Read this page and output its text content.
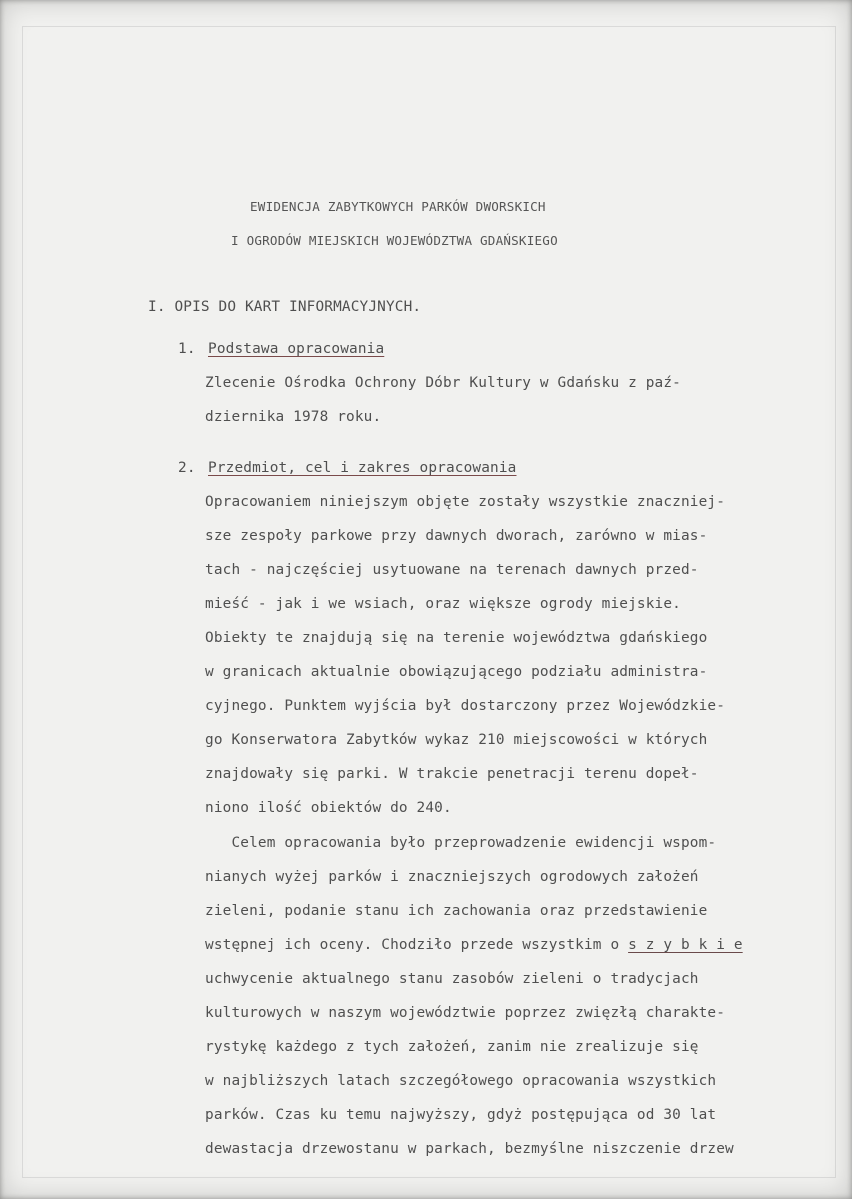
EWIDENCJA ZABYTKOWYCH PARKÓW DWORSKICH

I OGRODÓW MIEJSKICH WOJEWÓDZTWA GDAŃSKIEGO

I. OPIS DO KART INFORMACYJNYCH.

1. Podstawa opracowania

Zlecenie Ośrodka Ochrony Dóbr Kultury w Gdańsku z paź-

dziernika 1978 roku.

2. Przedmiot, cel i zakres opracowania

Opracowaniem niniejszym objęte zostały wszystkie znaczniej-

sze zespoły parkowe przy dawnych dworach, zarówno w mias-

tach - najczęściej usytuowane na terenach dawnych przed-

mieść - jak i we wsiach, oraz większe ogrody miejskie.

Obiekty te znajdują się na terenie województwa gdańskiego

w granicach aktualnie obowiązującego podziału administra-

cyjnego. Punktem wyjścia był dostarczony przez Wojewódzkie-

go Konserwatora Zabytków wykaz 210 miejscowości w których

znajdowały się parki. W trakcie penetracji terenu dopeł-

niono ilość obiektów do 240.

Celem opracowania było przeprowadzenie ewidencji wspom-

nianych wyżej parków i znaczniejszych ogrodowych założeń

zieleni, podanie stanu ich zachowania oraz przedstawienie

wstępnej ich oceny. Chodziło przede wszystkim o s z y b k i e

uchwycenie aktualnego stanu zasobów zieleni o tradycjach

kulturowych w naszym województwie poprzez zwięzłą charakte-

rystykę każdego z tych założeń, zanim nie zrealizuje się

w najbliższych latach szczegółowego opracowania wszystkich

parków. Czas ku temu najwyższy, gdyż postępująca od 30 lat

dewastacja drzewostanu w parkach, bezmyślne niszczenie drzew
